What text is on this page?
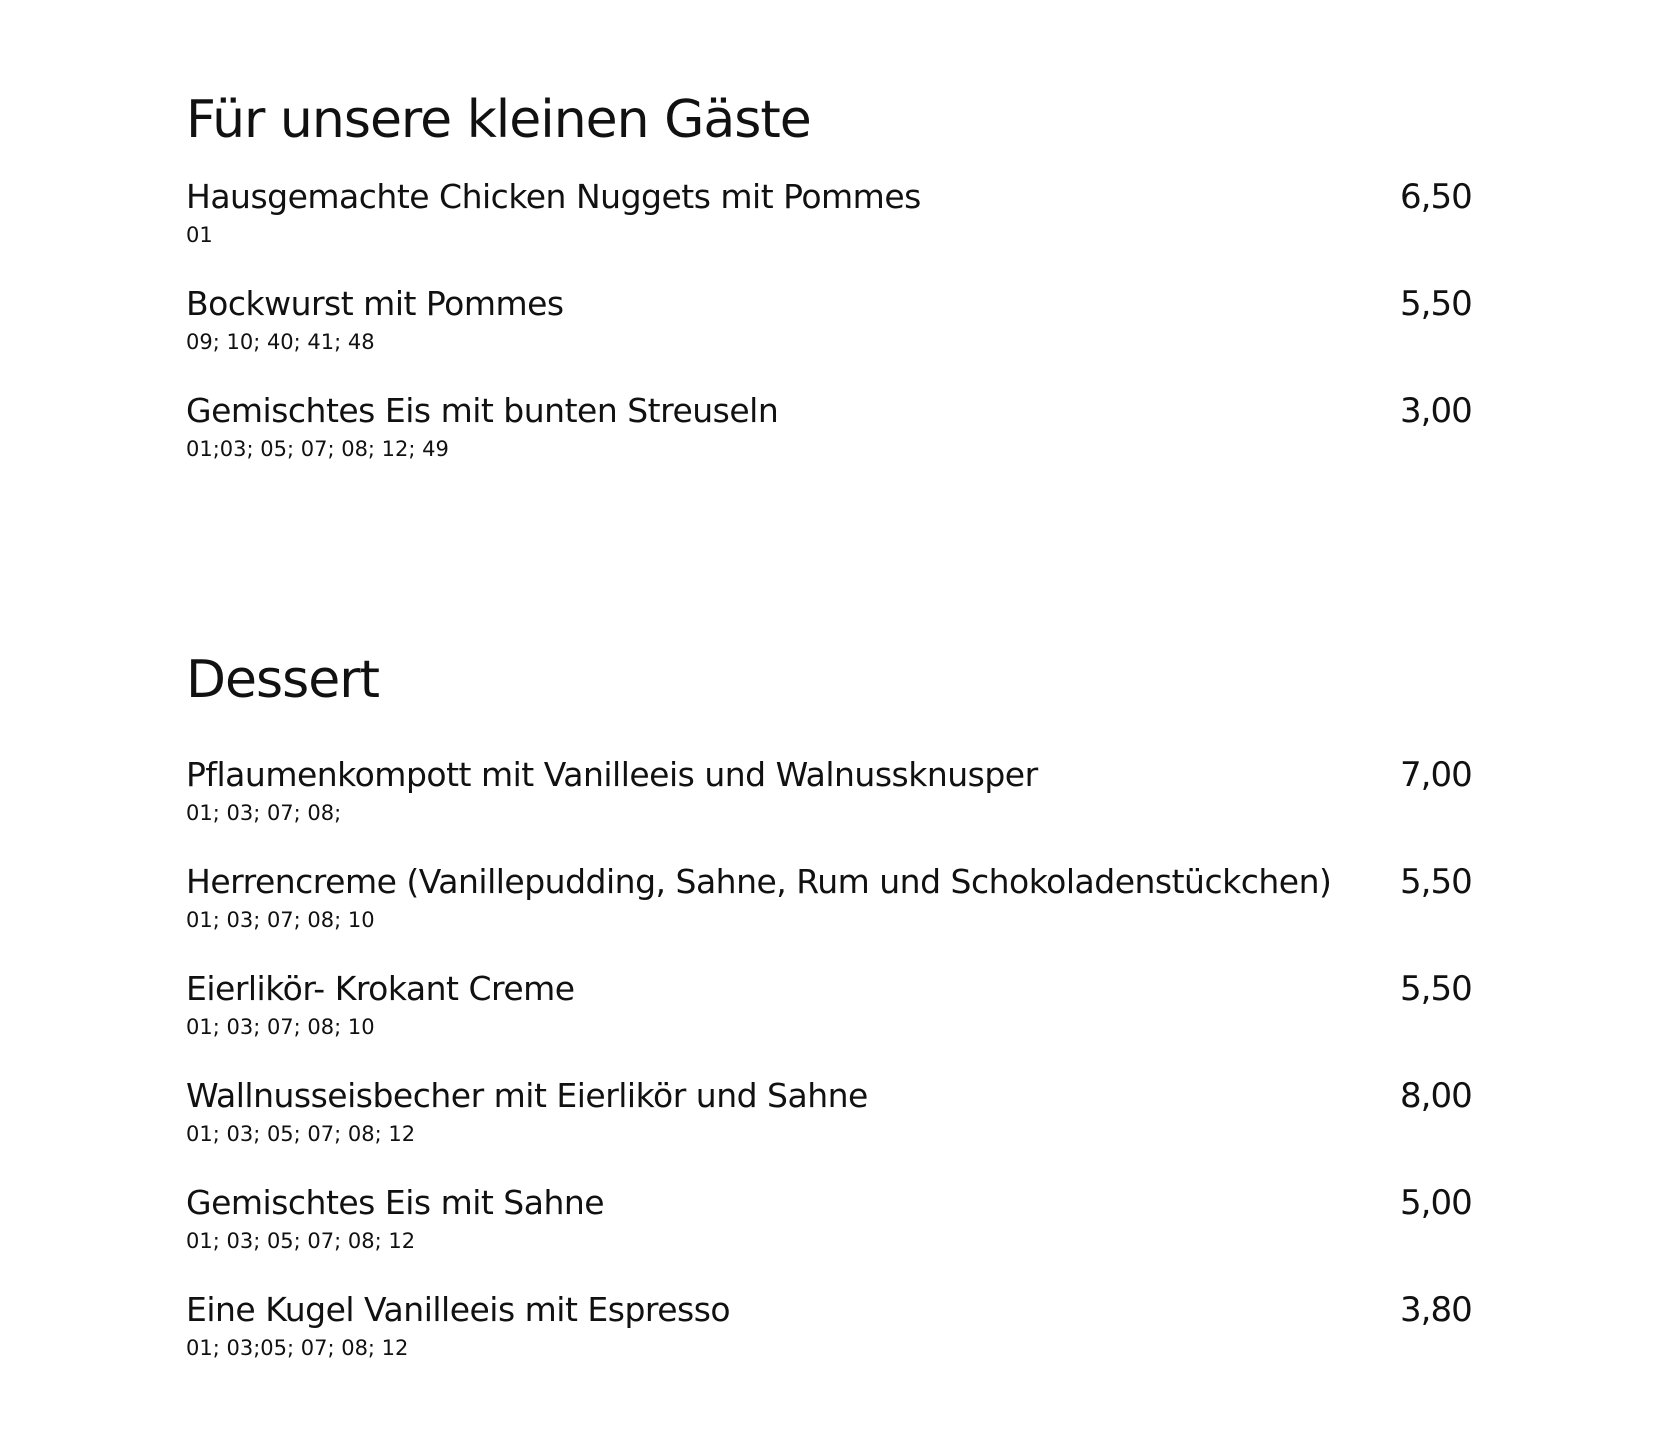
Für unsere kleinen Gäste
Hausgemachte Chicken Nuggets mit Pommes
01
6,50
Bockwurst mit Pommes
09; 10; 40; 41; 48
5,50
Gemischtes Eis mit bunten Streuseln
01;03; 05; 07; 08; 12; 49
3,00
Dessert
Pflaumenkompott mit Vanilleeis und Walnussknusper
01; 03; 07; 08;
7,00
Herrencreme (Vanillepudding, Sahne, Rum und Schokoladenstückchen)
01; 03; 07; 08; 10
5,50
Eierlikör- Krokant Creme
01; 03; 07; 08; 10
5,50
Wallnusseisbecher mit Eierlikör und Sahne
01; 03; 05; 07; 08; 12
8,00
Gemischtes Eis mit Sahne
01; 03; 05; 07; 08; 12
5,00
Eine Kugel Vanilleeis mit Espresso
01; 03;05; 07; 08; 12
3,80
